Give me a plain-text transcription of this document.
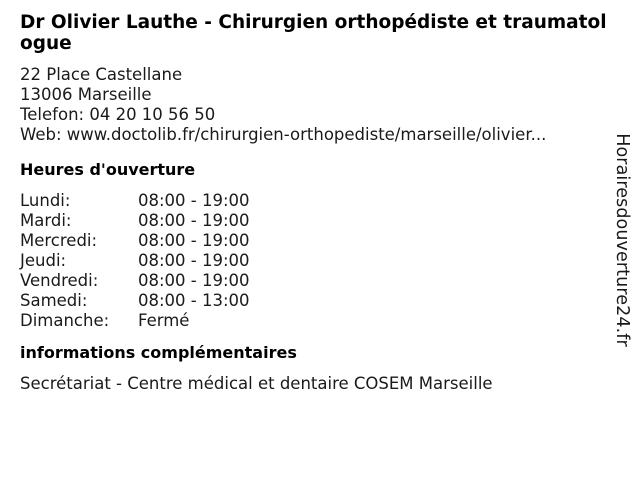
Dr Olivier Lauthe - Chirurgien orthopédiste et traumatologue
22 Place Castellane
13006 Marseille
Telefon: 04 20 10 56 50
Web: www.doctolib.fr/chirurgien-orthopediste/marseille/olivier...
Heures d'ouverture
Lundi:	08:00 - 19:00
Mardi:	08:00 - 19:00
Mercredi:	08:00 - 19:00
Jeudi:	08:00 - 19:00
Vendredi:	08:00 - 19:00
Samedi:	08:00 - 13:00
Dimanche:	Fermé
informations complémentaires
Secrétariat - Centre médical et dentaire COSEM Marseille
Horairesdouverture24.fr
